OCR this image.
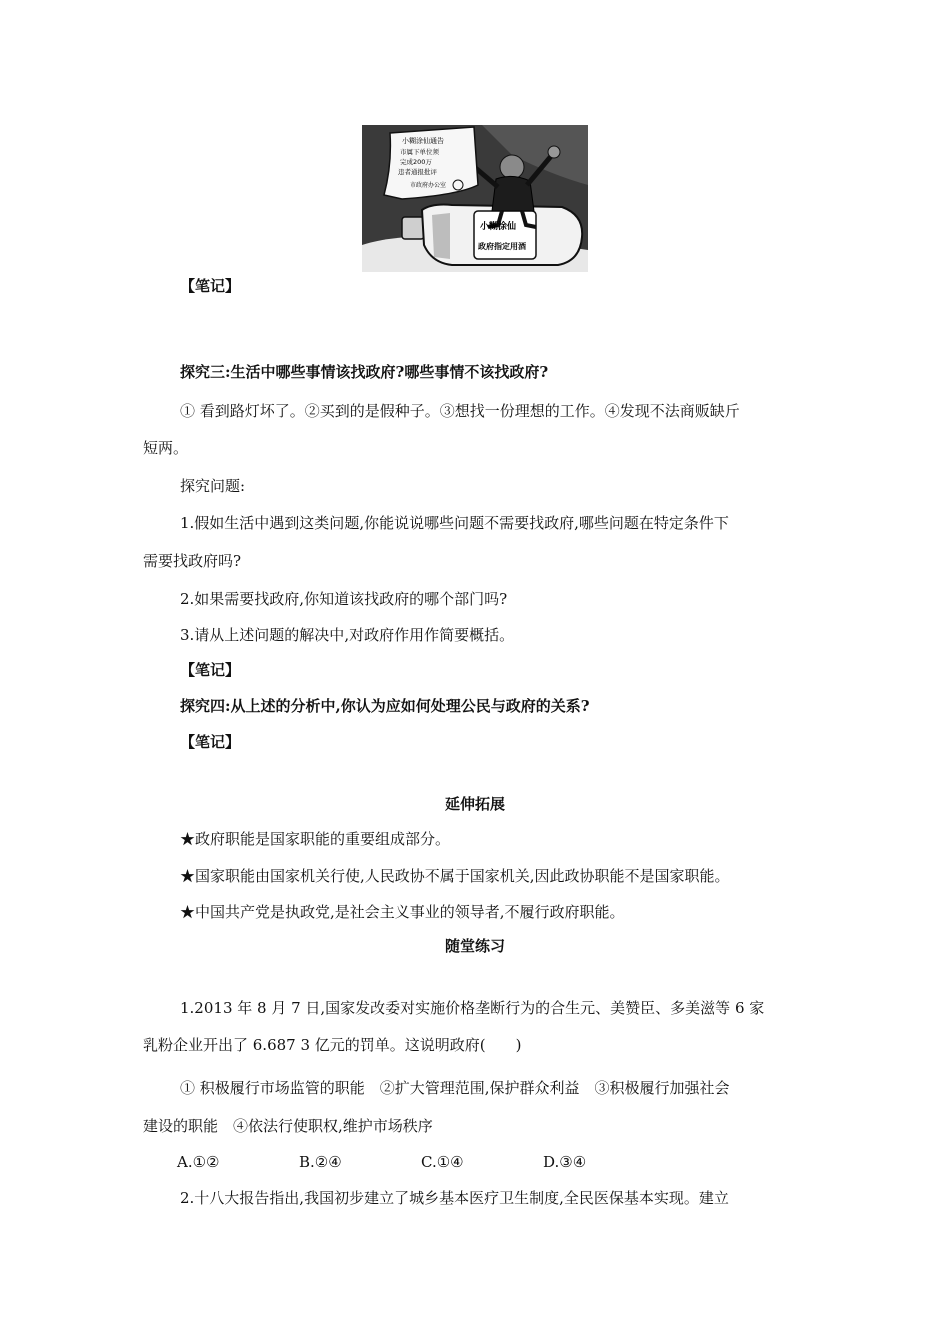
小糊涂仙通告
市属下单位须
完成200万
违者通报批评
市政府办公室
小糊涂仙
政府指定用酒
【笔记】
探究三:生活中哪些事情该找政府?哪些事情不该找政府?
① 看到路灯坏了。②买到的是假种子。③想找一份理想的工作。④发现不法商贩缺斤
短两。
探究问题:
1.假如生活中遇到这类问题,你能说说哪些问题不需要找政府,哪些问题在特定条件下
需要找政府吗?
2.如果需要找政府,你知道该找政府的哪个部门吗?
3.请从上述问题的解决中,对政府作用作简要概括。
【笔记】
探究四:从上述的分析中,你认为应如何处理公民与政府的关系?
【笔记】
延伸拓展
★政府职能是国家职能的重要组成部分。
★国家职能由国家机关行使,人民政协不属于国家机关,因此政协职能不是国家职能。
★中国共产党是执政党,是社会主义事业的领导者,不履行政府职能。
随堂练习
1.2013 年 8 月 7 日,国家发改委对实施价格垄断行为的合生元、美赞臣、多美滋等 6 家
乳粉企业开出了 6.687 3 亿元的罚单。这说明政府(　　)
① 积极履行市场监管的职能　②扩大管理范围,保护群众利益　③积极履行加强社会
建设的职能　④依法行使职权,维护市场秩序
A.①②	B.②④	C.①④	D.③④
2.十八大报告指出,我国初步建立了城乡基本医疗卫生制度,全民医保基本实现。建立
